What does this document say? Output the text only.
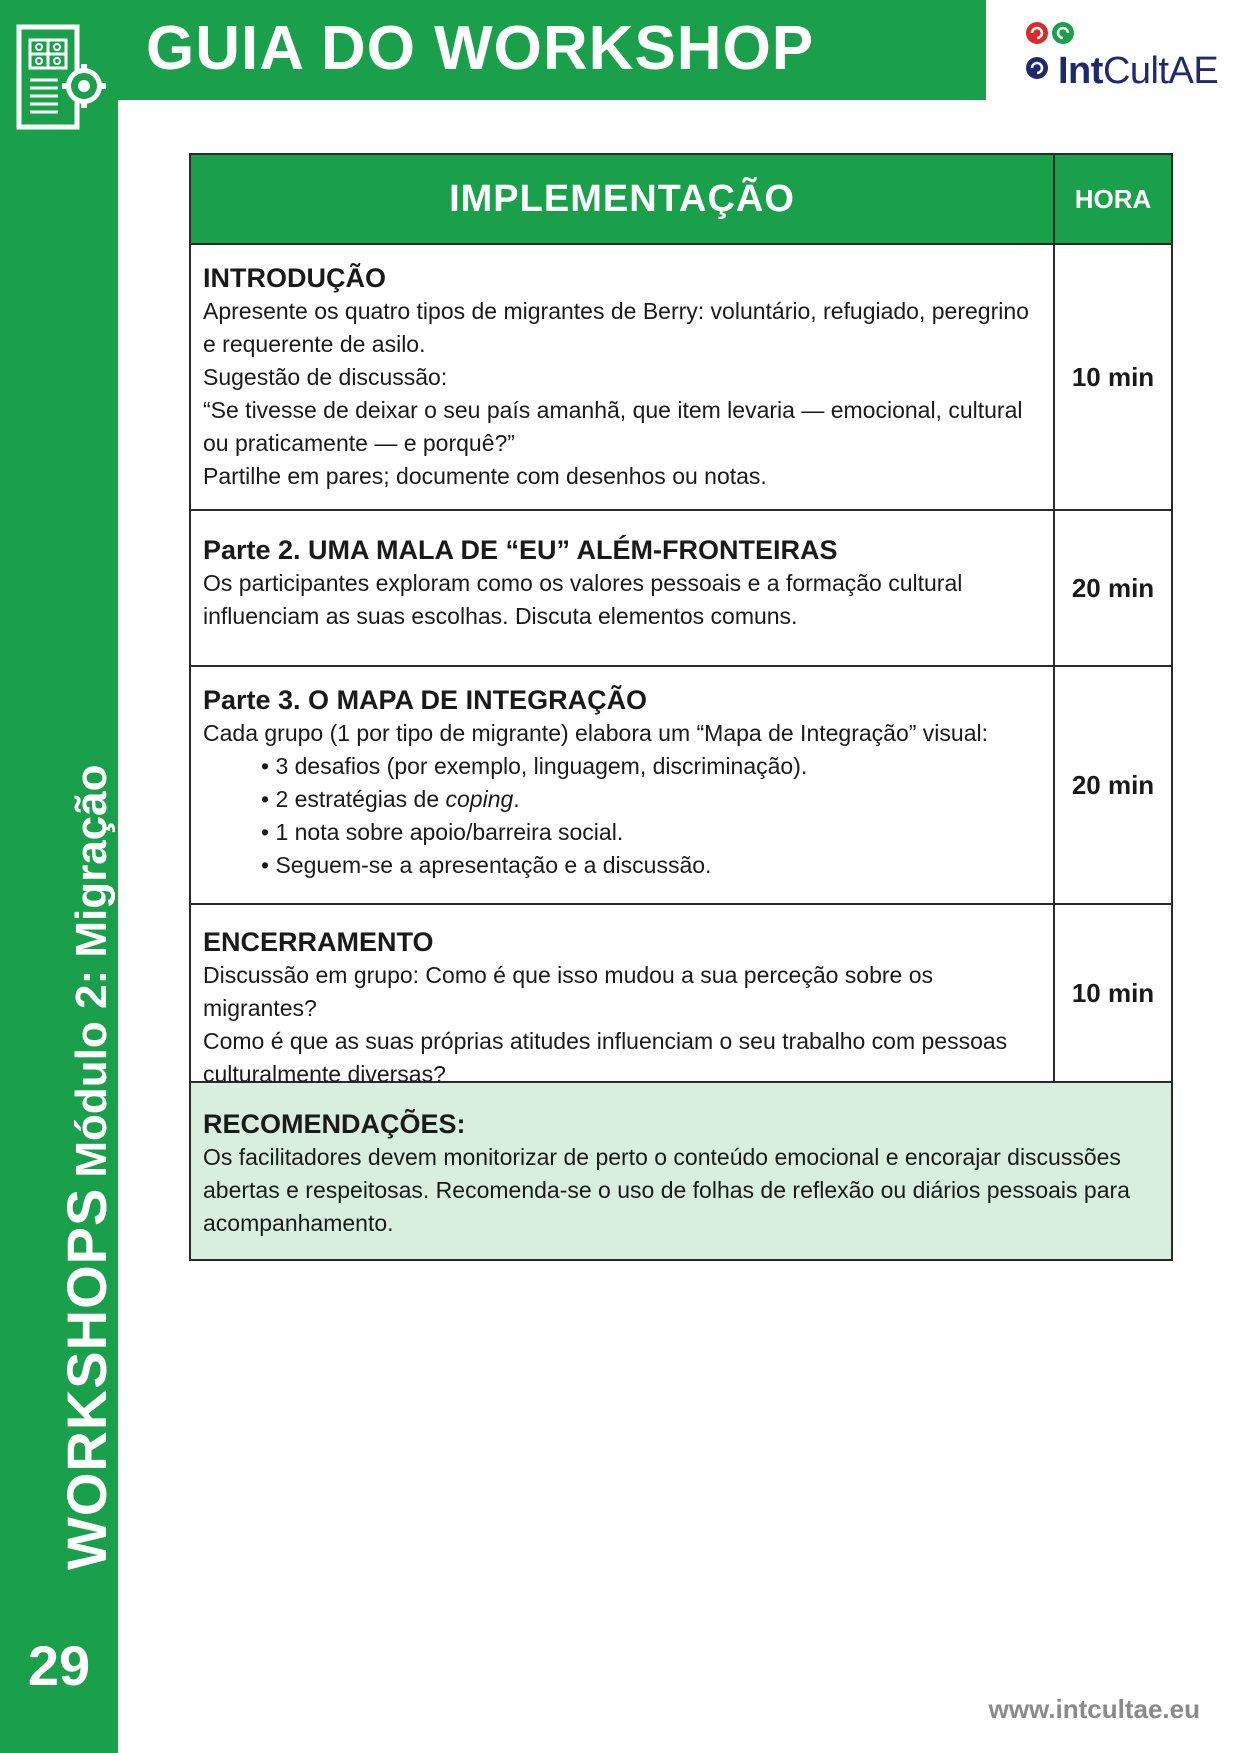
WORKSHOPSMódulo 2: Migração
29
GUIA DO WORKSHOP	IntCultAE
IMPLEMENTAÇÃO	HORA

INTRODUÇÃO

Apresente os quatro tipos de migrantes de Berry: voluntário, refugiado, peregrino

e requerente de asilo.

Sugestão de discussão:

“Se tivesse de deixar o seu país amanhã, que item levaria — emocional, cultural

ou praticamente — e porquê?”

Partilhe em pares; documente com desenhos ou notas.

10 min

Parte 2. UMA MALA DE “EU” ALÉM-FRONTEIRAS

Os participantes exploram como os valores pessoais e a formação cultural

influenciam as suas escolhas. Discuta elementos comuns.

20 min

Parte 3. O MAPA DE INTEGRAÇÃO

Cada grupo (1 por tipo de migrante) elabora um “Mapa de Integração” visual:

• 3 desafios (por exemplo, linguagem, discriminação).

• 2 estratégias de coping.

• 1 nota sobre apoio/barreira social.

• Seguem-se a apresentação e a discussão.

20 min

ENCERRAMENTO

Discussão em grupo: Como é que isso mudou a sua perceção sobre os migrantes?

Como é que as suas próprias atitudes influenciam o seu trabalho com pessoas

culturalmente diversas?

10 min

RECOMENDAÇÕES:

Os facilitadores devem monitorizar de perto o conteúdo emocional e encorajar discussões

abertas e respeitosas. Recomenda-se o uso de folhas de reflexão ou diários pessoais para

acompanhamento.

www.intcultae.eu
